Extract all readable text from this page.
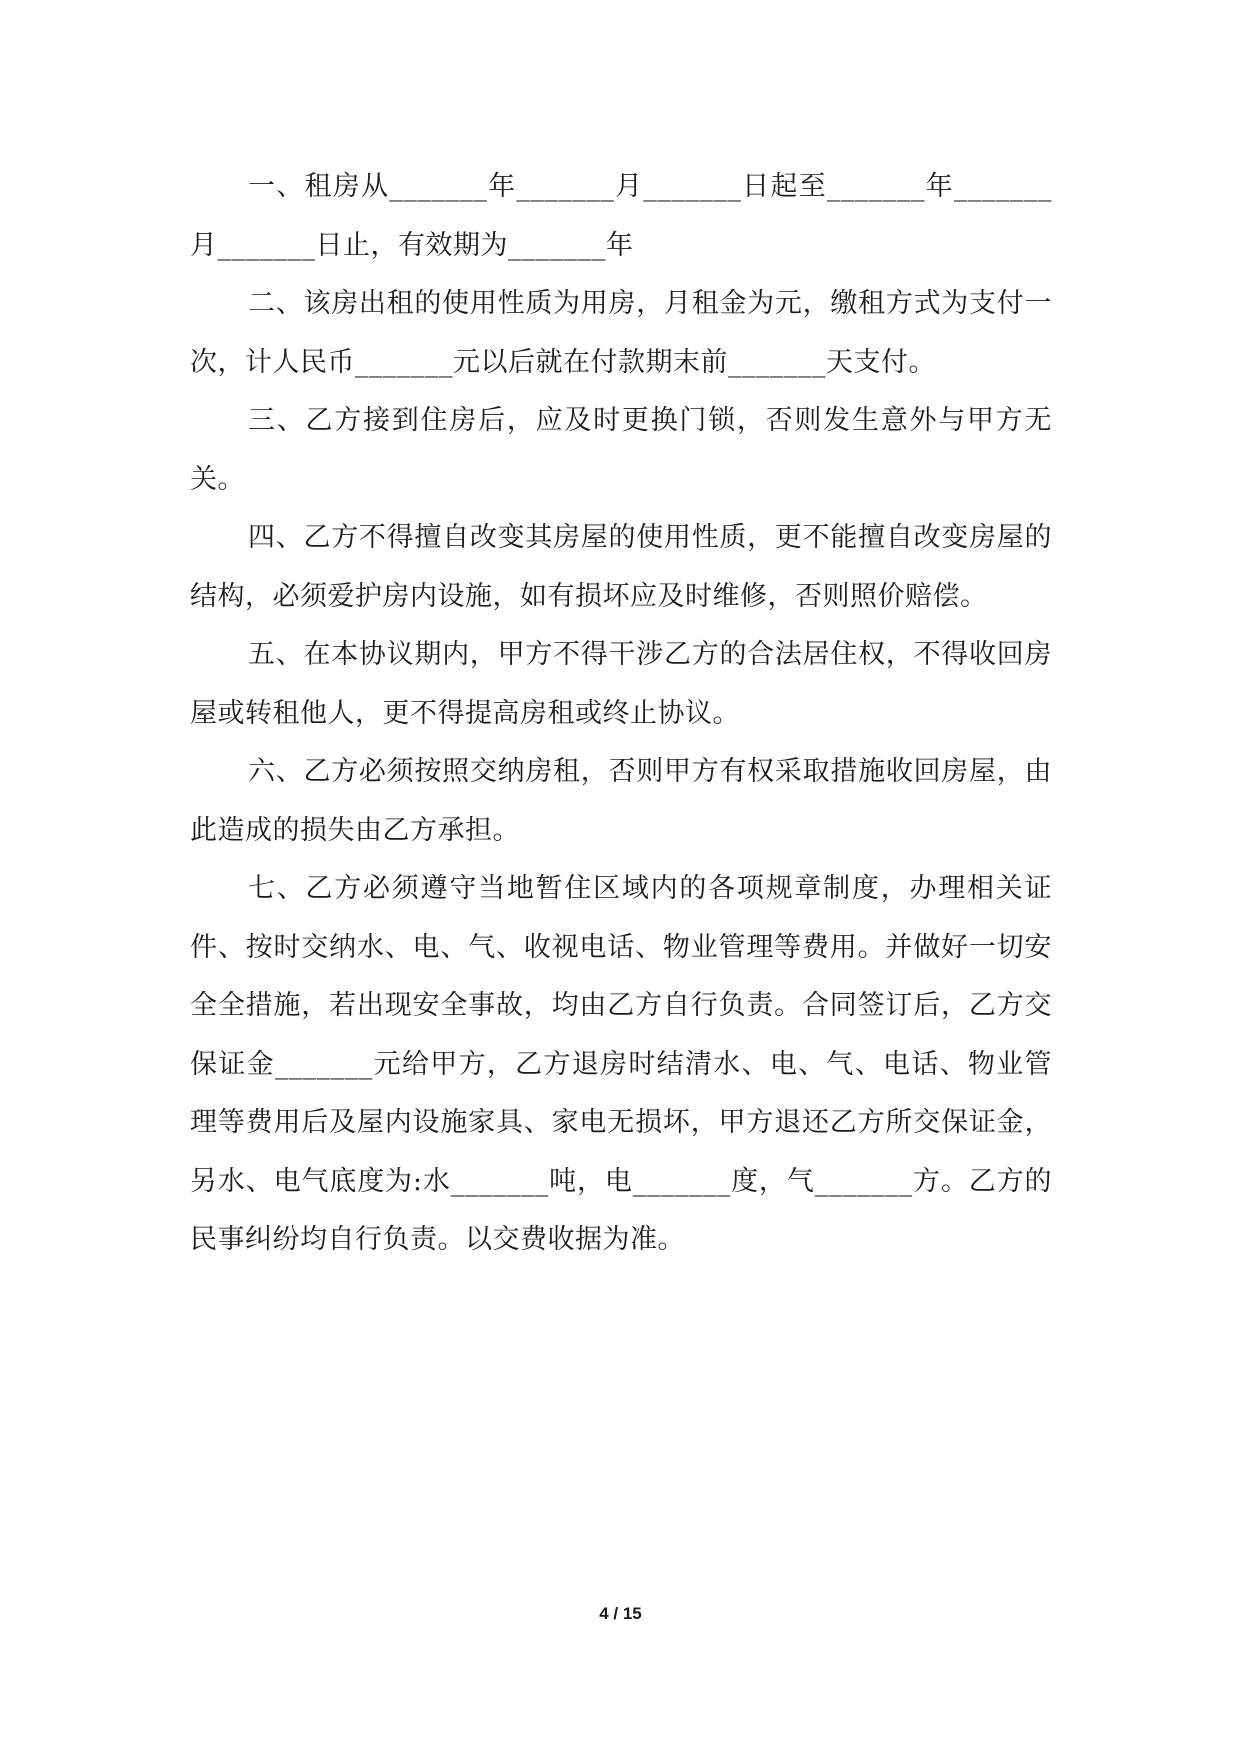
一、租房从_______年_______月_______日起至_______年_______月_______日止，有效期为_______年

二、该房出租的使用性质为用房，月租金为元，缴租方式为支付一次，计人民币_______元以后就在付款期末前_______天支付。

三、乙方接到住房后，应及时更换门锁，否则发生意外与甲方无关。

四、乙方不得擅自改变其房屋的使用性质，更不能擅自改变房屋的结构，必须爱护房内设施，如有损坏应及时维修，否则照价赔偿。

五、在本协议期内，甲方不得干涉乙方的合法居住权，不得收回房屋或转租他人，更不得提高房租或终止协议。

六、乙方必须按照交纳房租，否则甲方有权采取措施收回房屋，由此造成的损失由乙方承担。

七、乙方必须遵守当地暂住区域内的各项规章制度，办理相关证件、按时交纳水、电、气、收视电话、物业管理等费用。并做好一切安全全措施，若出现安全事故，均由乙方自行负责。合同签订后，乙方交保证金_______元给甲方，乙方退房时结清水、电、气、电话、物业管理等费用后及屋内设施家具、家电无损坏，甲方退还乙方所交保证金，另水、电气底度为:水_______吨，电_______度，气_______方。乙方的民事纠纷均自行负责。以交费收据为准。

4 / 15
